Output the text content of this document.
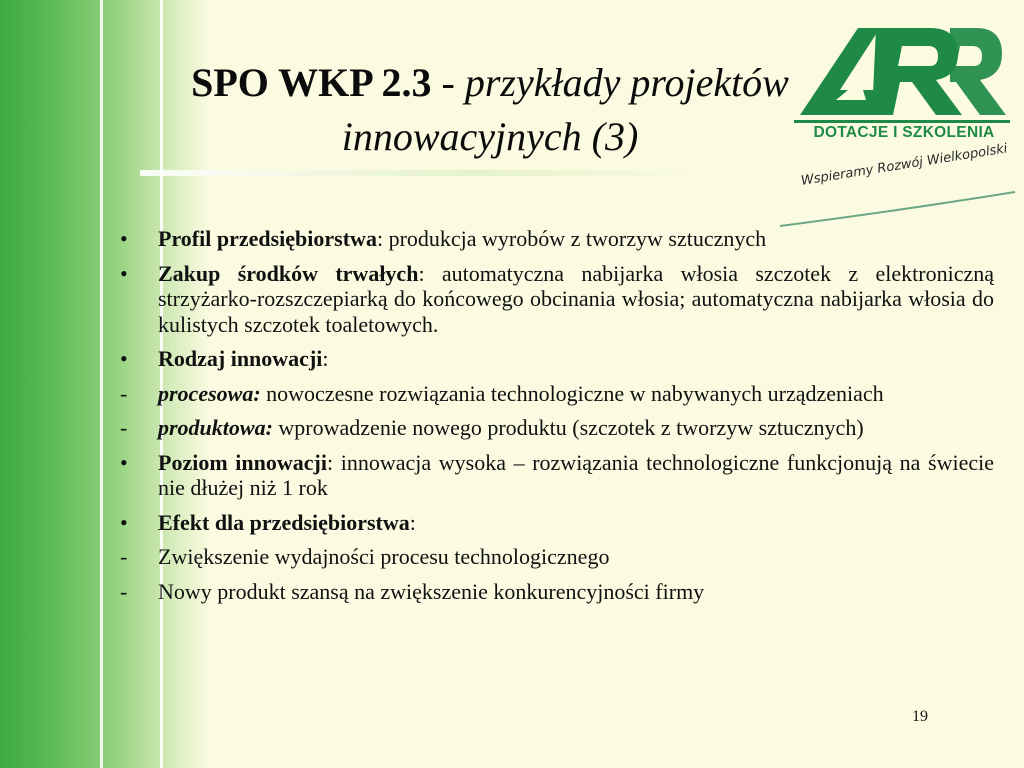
SPO WKP 2.3 - przykłady projektów
innowacyjnych (3)	DOTACJE I SZKOLENIA
Wspieramy Rozwój Wielkopolski
•	Profil przedsiębiorstwa: produkcja wyrobów z tworzyw sztucznych
•	Zakup środków trwałych: automatyczna nabijarka włosia szczotek z elektroniczną strzyżarko-rozszczepiarką do końcowego obcinania włosia; automatyczna nabijarka włosia do kulistych szczotek toaletowych.
•	Rodzaj innowacji:
-	procesowa: nowoczesne rozwiązania technologiczne w nabywanych urządzeniach
-	produktowa: wprowadzenie nowego produktu (szczotek z tworzyw sztucznych)
•	Poziom innowacji: innowacja wysoka – rozwiązania technologiczne funkcjonują na świecie nie dłużej niż 1 rok
•	Efekt dla przedsiębiorstwa:
-	Zwiększenie wydajności procesu technologicznego
-	Nowy produkt szansą na zwiększenie konkurencyjności firmy
19
